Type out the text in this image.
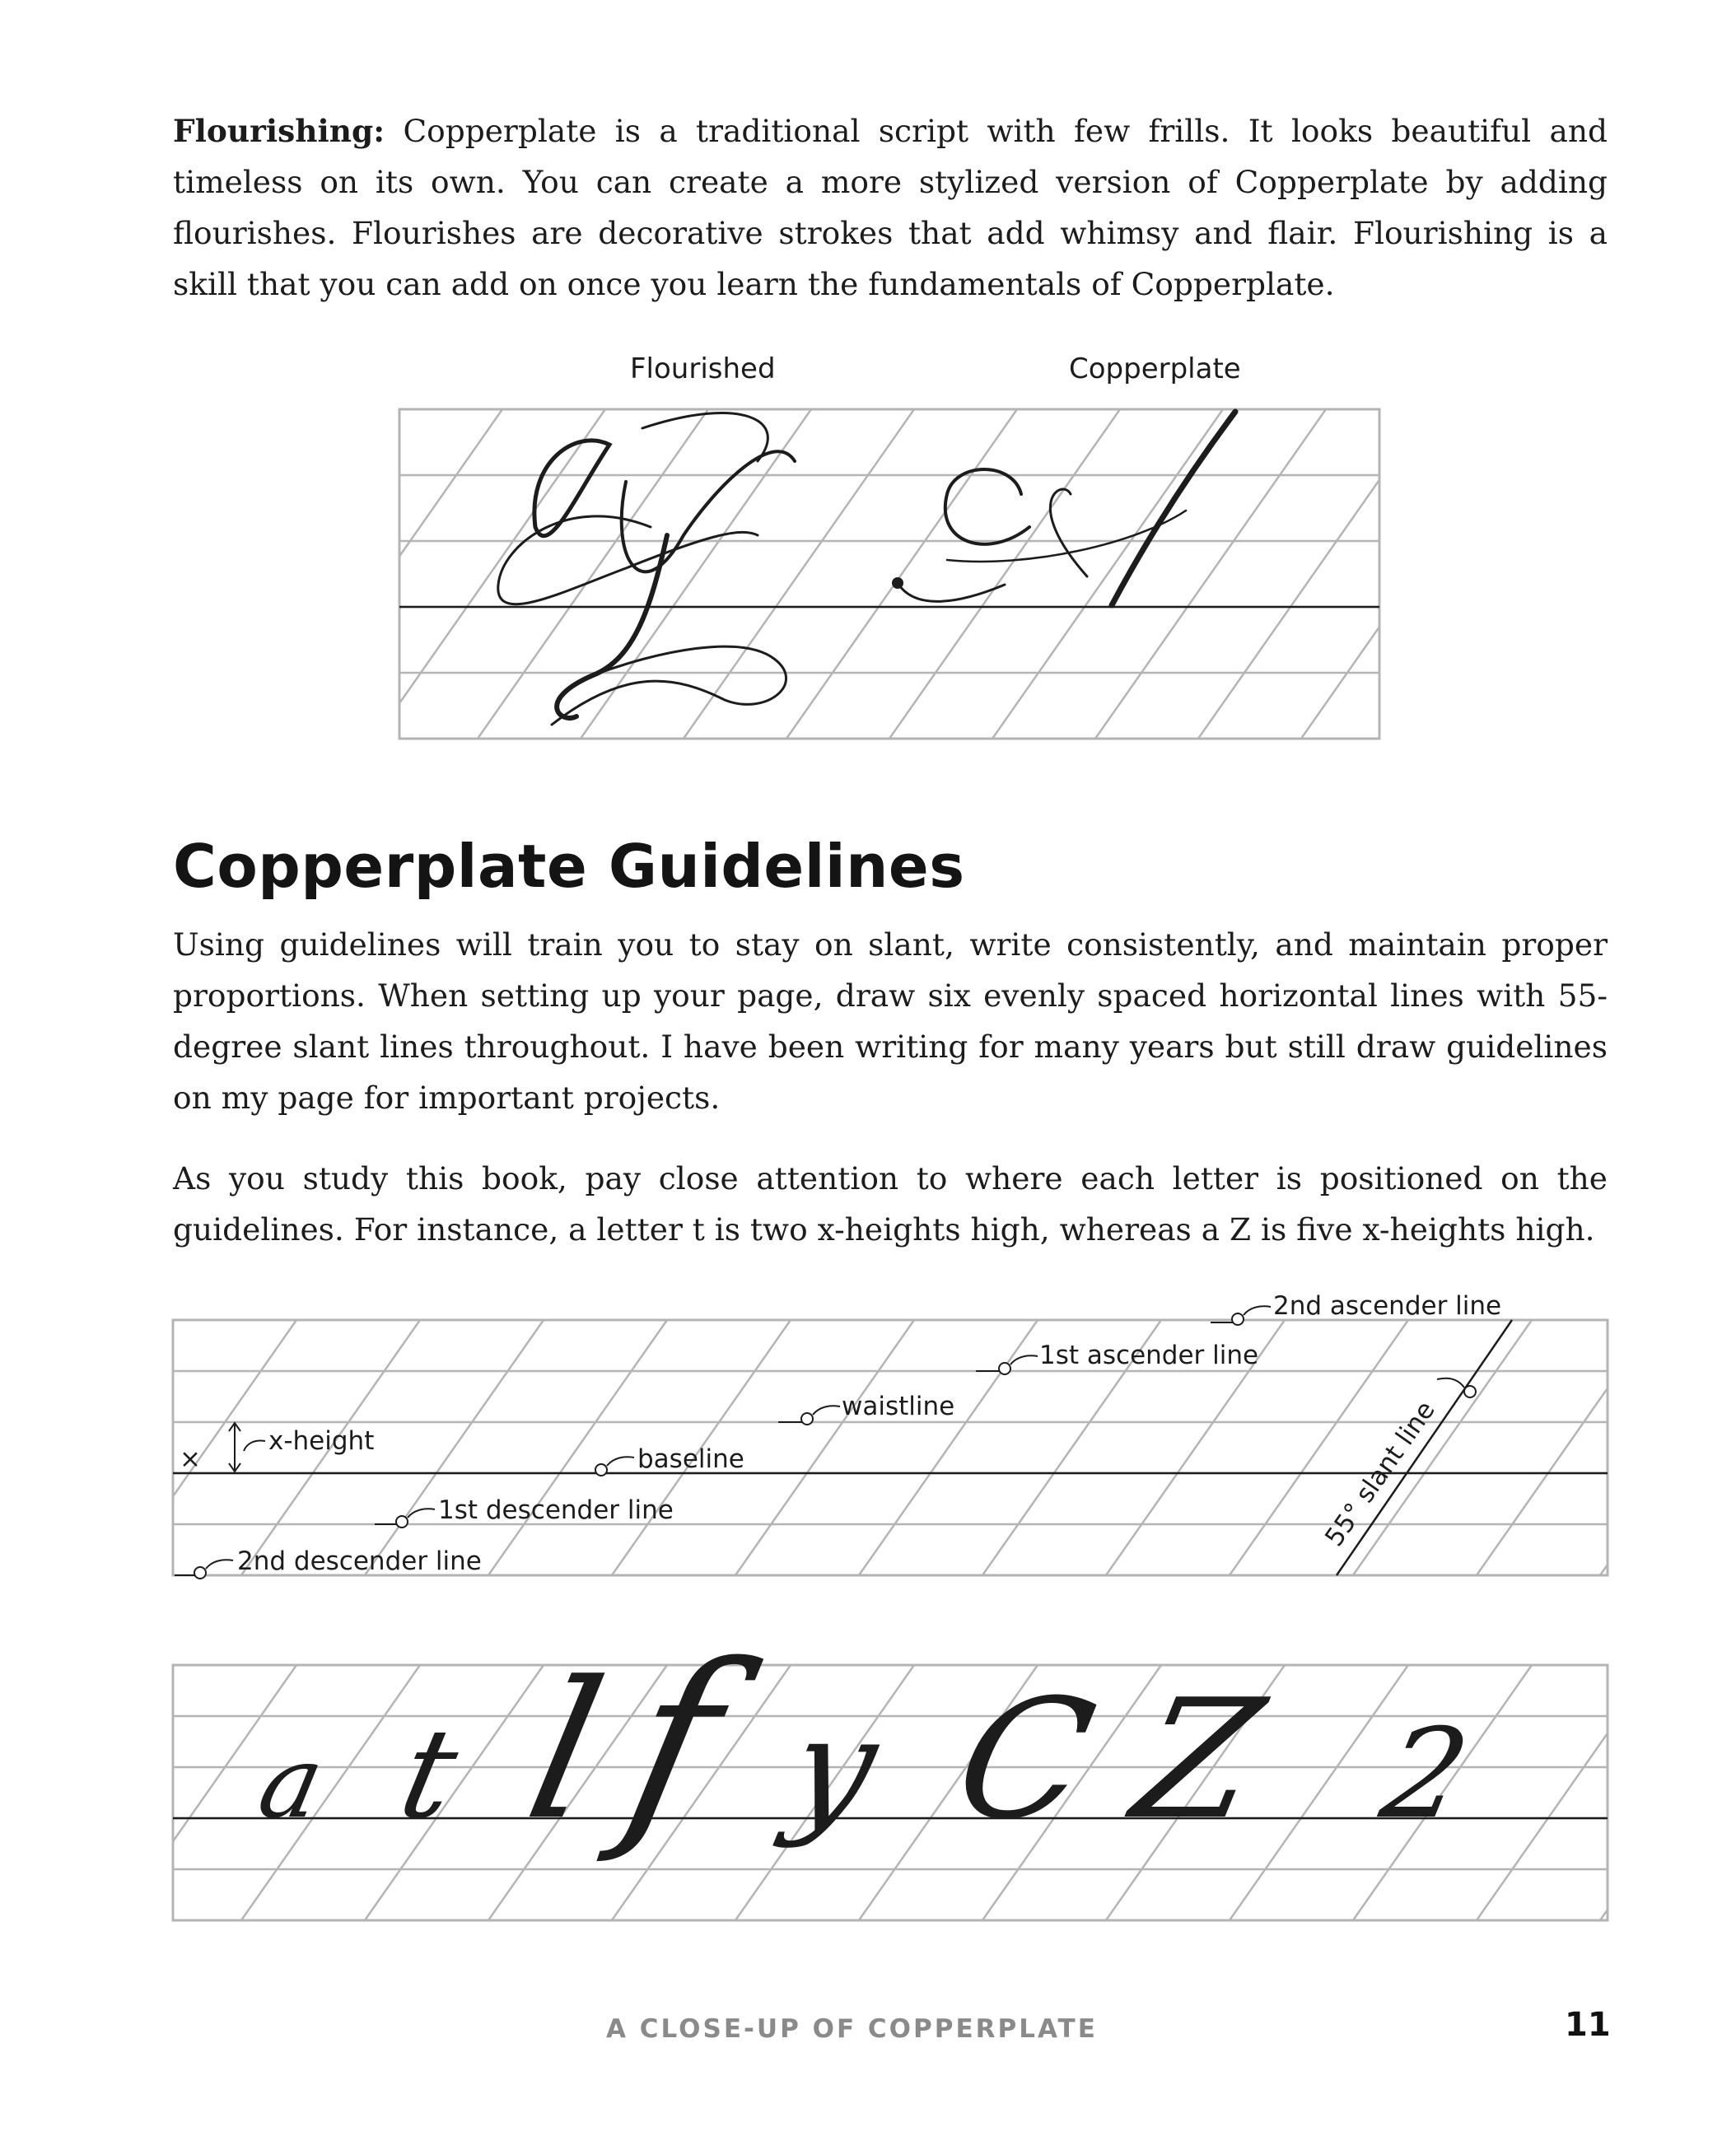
Flourishing: Copperplate is a traditional script with few frills. It looks beautiful and timeless on its own. You can create a more stylized version of Copperplate by adding flourishes. Flourishes are decorative strokes that add whimsy and flair. Flourishing is a skill that you can add on once you learn the fundamentals of Copperplate.

Flourished	Copperplate
Copperplate Guidelines

Using guidelines will train you to stay on slant, write consistently, and maintain proper proportions. When setting up your page, draw six evenly spaced horizontal lines with 55-degree slant lines throughout. I have been writing for many years but still draw guidelines on my page for important projects.

As you study this book, pay close attention to where each letter is positioned on the guidelines. For instance, a letter t is two x-heights high, whereas a Z is five x-heights high.

×
x-height
baseline
waistline
1st ascender line
2nd ascender line
1st descender line
2nd descender line
55° slant line
a t l
f y C Z 2
A CLOSE-UP OF COPPERPLATE	11
